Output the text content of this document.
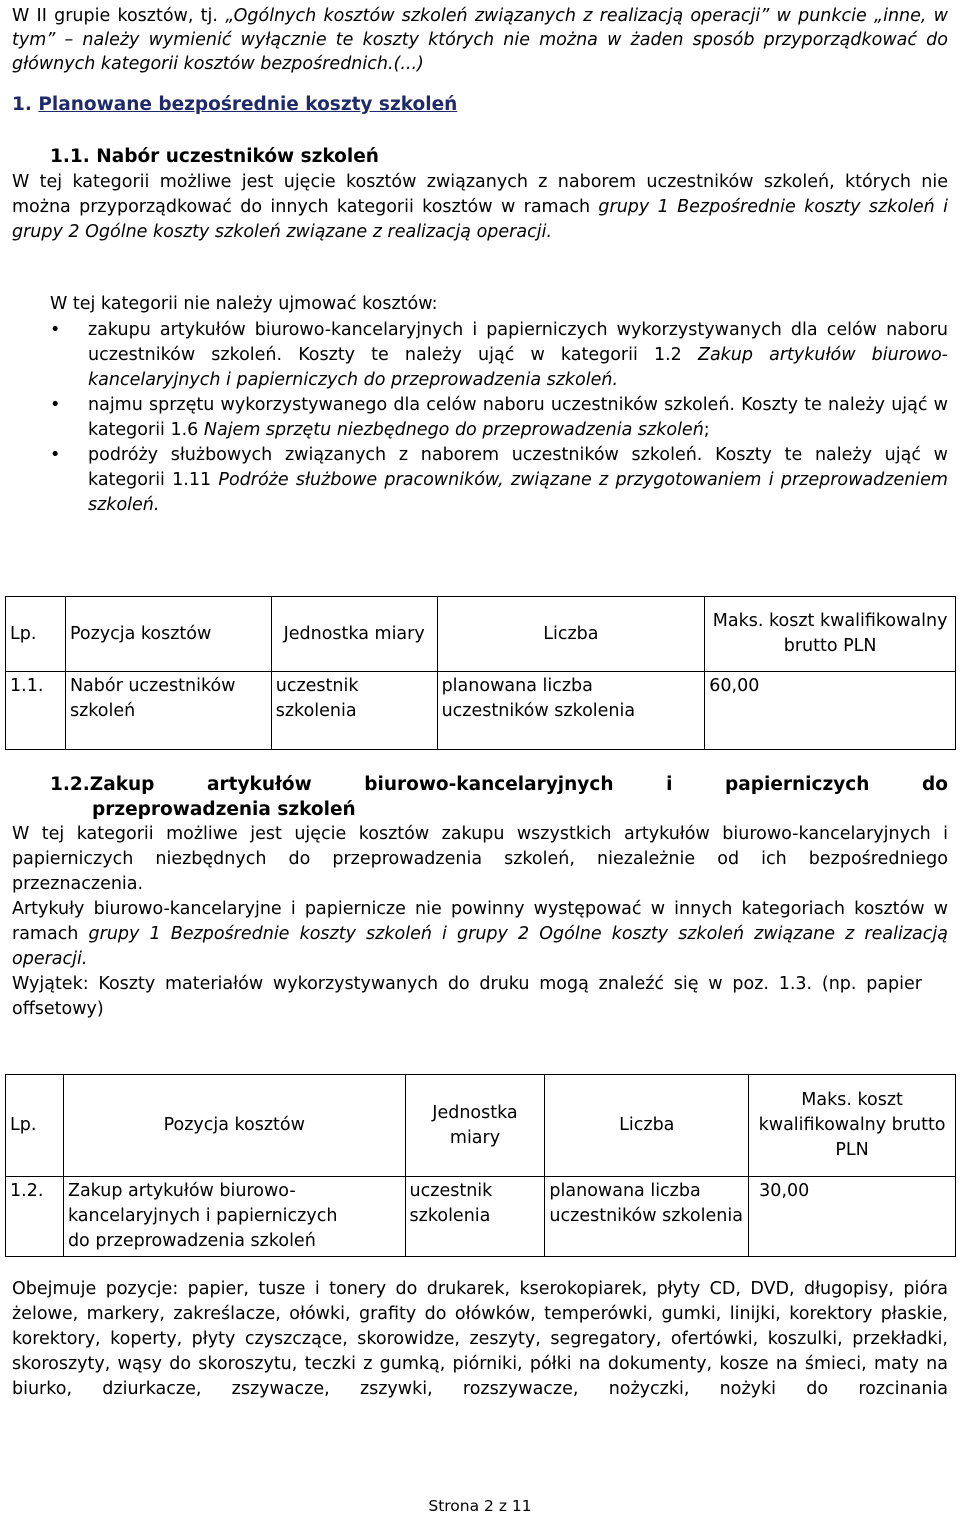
W II grupie kosztów, tj. „Ogólnych kosztów szkoleń związanych z realizacją operacji” w punkcie „inne, w tym” – należy wymienić wyłącznie te koszty których nie można w żaden sposób przyporządkować do głównych kategorii kosztów bezpośrednich.(...)

1. Planowane bezpośrednie koszty szkoleń
1.1. Nabór uczestników szkoleń

W tej kategorii możliwe jest ujęcie kosztów związanych z naborem uczestników szkoleń, których nie można przyporządkować do innych kategorii kosztów w ramach grupy 1 Bezpośrednie koszty szkoleń i grupy 2 Ogólne koszty szkoleń związane z realizacją operacji.

W tej kategorii nie należy ujmować kosztów:

• zakupu artykułów biurowo-kancelaryjnych i papierniczych wykorzystywanych dla celów naboru uczestników szkoleń. Koszty te należy ująć w kategorii 1.2 Zakup artykułów biurowo-kancelaryjnych i papierniczych do przeprowadzenia szkoleń.
• najmu sprzętu wykorzystywanego dla celów naboru uczestników szkoleń. Koszty te należy ująć w kategorii 1.6 Najem sprzętu niezbędnego do przeprowadzenia szkoleń;
• podróży służbowych związanych z naborem uczestników szkoleń. Koszty te należy ująć w kategorii 1.11 Podróże służbowe pracowników, związane z przygotowaniem i przeprowadzeniem szkoleń.
Lp.	Pozycja kosztów	Jednostka miary	Liczba	Maks. koszt kwalifikowalny brutto PLN
1.1.	Nabór uczestników szkoleń	uczestnik szkolenia	planowana liczba uczestników szkolenia	60,00
1.2.Zakup artykułów biurowo-kancelaryjnych i papierniczych do
przeprowadzenia szkoleń

W tej kategorii możliwe jest ujęcie kosztów zakupu wszystkich artykułów biurowo-kancelaryjnych i papierniczych niezbędnych do przeprowadzenia szkoleń, niezależnie od ich bezpośredniego przeznaczenia.

Artykuły biurowo-kancelaryjne i papiernicze nie powinny występować w innych kategoriach kosztów w ramach grupy 1 Bezpośrednie koszty szkoleń i grupy 2 Ogólne koszty szkoleń związane z realizacją operacji.

Wyjątek: Koszty materiałów wykorzystywanych do druku mogą znaleźć się w poz. 1.3. (np. papier offsetowy)

Lp.	Pozycja kosztów	Jednostka miary	Liczba	Maks. koszt kwalifikowalny brutto PLN
1.2.	Zakup artykułów biurowo-kancelaryjnych i papierniczych do przeprowadzenia szkoleń	uczestnik szkolenia	planowana liczba uczestników szkolenia	30,00

Obejmuje pozycje: papier, tusze i tonery do drukarek, kserokopiarek, płyty CD, DVD, długopisy, pióra żelowe, markery, zakreślacze, ołówki, grafity do ołówków, temperówki, gumki, linijki, korektory płaskie, korektory, koperty, płyty czyszczące, skorowidze, zeszyty, segregatory, ofertówki, koszulki, przekładki, skoroszyty, wąsy do skoroszytu, teczki z gumką, piórniki, półki na dokumenty, kosze na śmieci, maty na biurko, dziurkacze, zszywacze, zszywki, rozszywacze, nożyczki, nożyki do rozcinania

Strona 2 z 11
